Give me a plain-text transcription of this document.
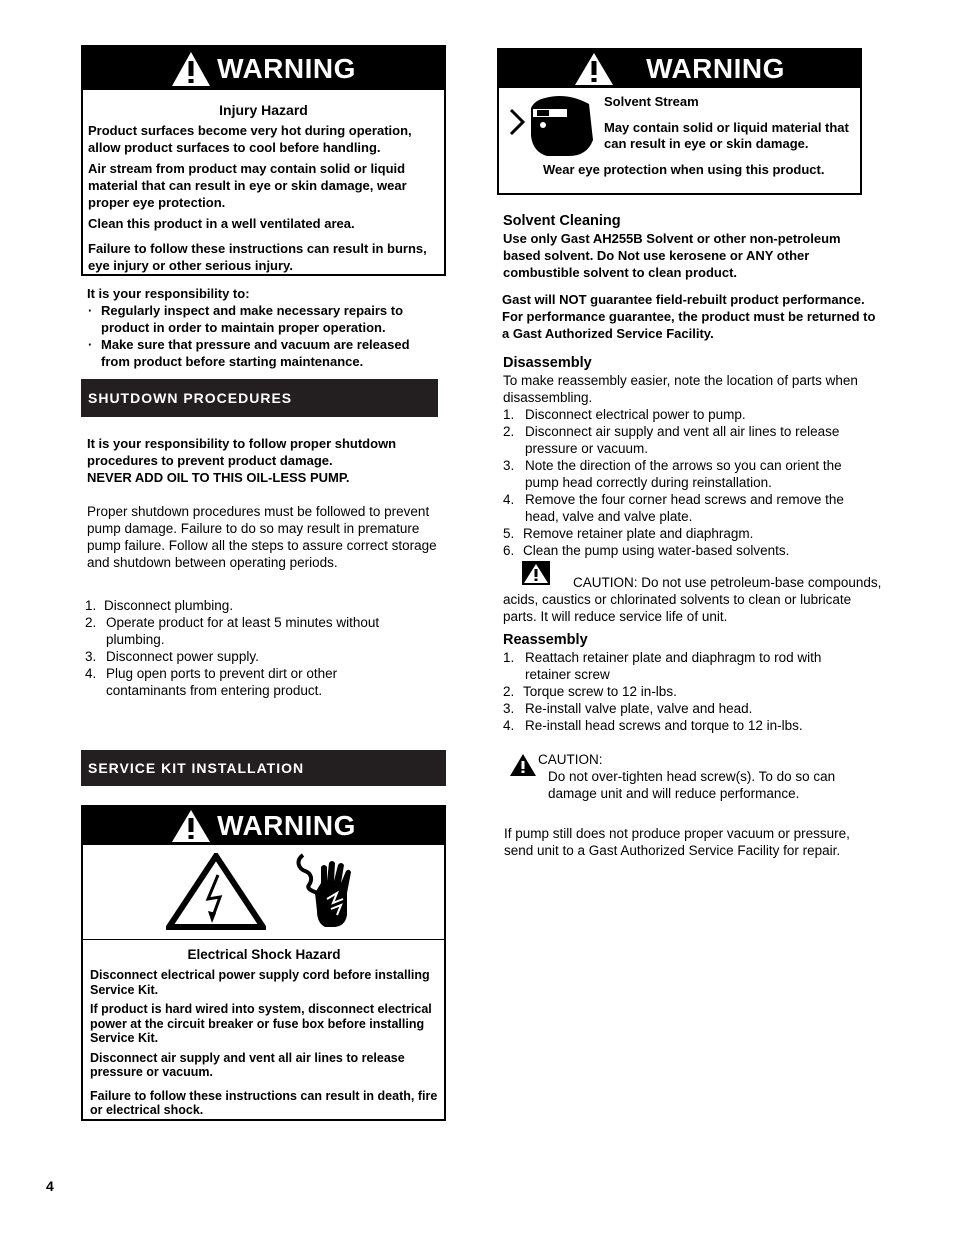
WARNING

Injury Hazard

Product surfaces become very hot during operation, allow product surfaces to cool before handling.

Air stream from product may contain solid or liquid material that can result in eye or skin damage, wear proper eye protection.

Clean this product in a well ventilated area.

Failure to follow these instructions can result in burns, eye injury or other serious injury.

It is your responsibility to:

· Regularly inspect and make necessary repairs to product in order to maintain proper operation.
· Make sure that pressure and vacuum are released from product before starting maintenance.
SHUTDOWN PROCEDURES

It is your responsibility to follow proper shutdown procedures to prevent product damage.

NEVER ADD OIL TO THIS OIL-LESS PUMP.

Proper shutdown procedures must be followed to prevent pump damage. Failure to do so may result in premature pump failure. Follow all the steps to assure correct storage and shutdown between operating periods.

1. Disconnect plumbing.
2. Operate product for at least 5 minutes without plumbing.
3. Disconnect power supply.
4. Plug open ports to prevent dirt or other contaminants from entering product.
SERVICE KIT INSTALLATION
WARNING

Electrical Shock Hazard

Disconnect electrical power supply cord before installing Service Kit.

If product is hard wired into system, disconnect electrical power at the circuit breaker or fuse box before installing Service Kit.

Disconnect air supply and vent all air lines to release pressure or vacuum.

Failure to follow these instructions can result in death, fire or electrical shock.

4
WARNING

Solvent Stream

May contain solid or liquid material that can result in eye or skin damage.

Wear eye protection when using this product.

Solvent Cleaning

Use only Gast AH255B Solvent or other non-petroleum based solvent. Do Not use kerosene or ANY other combustible solvent to clean product.

Gast will NOT guarantee field-rebuilt product performance. For performance guarantee, the product must be returned to a Gast Authorized Service Facility.

Disassembly

To make reassembly easier, note the location of parts when disassembling.

1. Disconnect electrical power to pump.
2. Disconnect air supply and vent all air lines to release pressure or vacuum.
3. Note the direction of the arrows so you can orient the pump head correctly during reinstallation.
4. Remove the four corner head screws and remove the head, valve and valve plate.
5. Remove retainer plate and diaphragm.
6. Clean the pump using water-based solvents.

CAUTION: Do not use petroleum-base compounds, acids, caustics or chlorinated solvents to clean or lubricate parts. It will reduce service life of unit.

Reassembly

1. Reattach retainer plate and diaphragm to rod with retainer screw
2. Torque screw to 12 in-lbs.
3. Re-install valve plate, valve and head.
4. Re-install head screws and torque to 12 in-lbs.

CAUTION:

Do not over-tighten head screw(s). To do so can damage unit and will reduce performance.

If pump still does not produce proper vacuum or pressure, send unit to a Gast Authorized Service Facility for repair.
